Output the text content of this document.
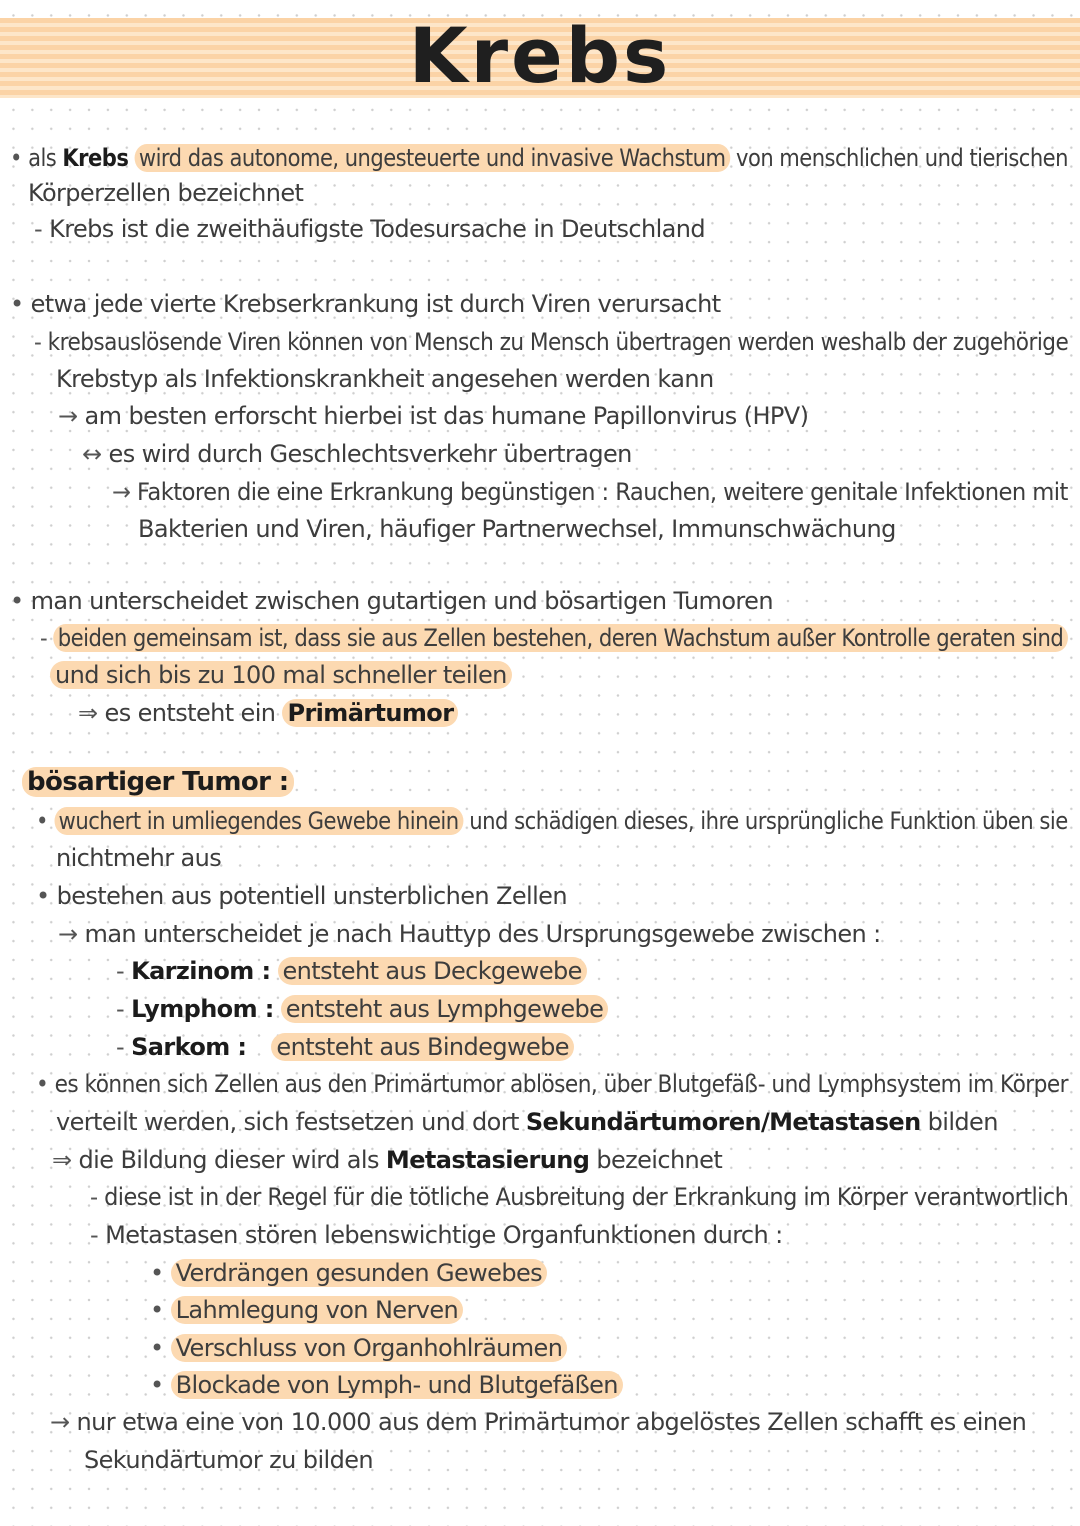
Krebs
• als Krebs wird das autonome, ungesteuerte und invasive Wachstum von menschlichen und tierischen
Körperzellen bezeichnet
- Krebs ist die zweithäufigste Todesursache in Deutschland
• etwa jede vierte Krebserkrankung ist durch Viren verursacht
- krebsauslösende Viren können von Mensch zu Mensch übertragen werden weshalb der zugehörige
Krebstyp als Infektionskrankheit angesehen werden kann
→ am besten erforscht hierbei ist das humane Papillonvirus (HPV)
↔ es wird durch Geschlechtsverkehr übertragen
→ Faktoren die eine Erkrankung begünstigen : Rauchen, weitere genitale Infektionen mit
Bakterien und Viren, häufiger Partnerwechsel, Immunschwächung
• man unterscheidet zwischen gutartigen und bösartigen Tumoren
- beiden gemeinsam ist, dass sie aus Zellen bestehen, deren Wachstum außer Kontrolle geraten sind
und sich bis zu 100 mal schneller teilen
⇒ es entsteht ein Primärtumor
bösartiger Tumor :
• wuchert in umliegendes Gewebe hinein und schädigen dieses, ihre ursprüngliche Funktion üben sie
nichtmehr aus
• bestehen aus potentiell unsterblichen Zellen
→ man unterscheidet je nach Hauttyp des Ursprungsgewebe zwischen :
- Karzinom : entsteht aus Deckgewebe
- Lymphom : entsteht aus Lymphgewebe
- Sarkom : entsteht aus Bindegwebe
• es können sich Zellen aus den Primärtumor ablösen, über Blutgefäß- und Lymphsystem im Körper
verteilt werden, sich festsetzen und dort Sekundärtumoren/Metastasen bilden
⇒ die Bildung dieser wird als Metastasierung bezeichnet
- diese ist in der Regel für die tötliche Ausbreitung der Erkrankung im Körper verantwortlich
- Metastasen stören lebenswichtige Organfunktionen durch :
• Verdrängen gesunden Gewebes
• Lahmlegung von Nerven
• Verschluss von Organhohlräumen
• Blockade von Lymph- und Blutgefäßen
→ nur etwa eine von 10.000 aus dem Primärtumor abgelöstes Zellen schafft es einen
Sekundärtumor zu bilden
